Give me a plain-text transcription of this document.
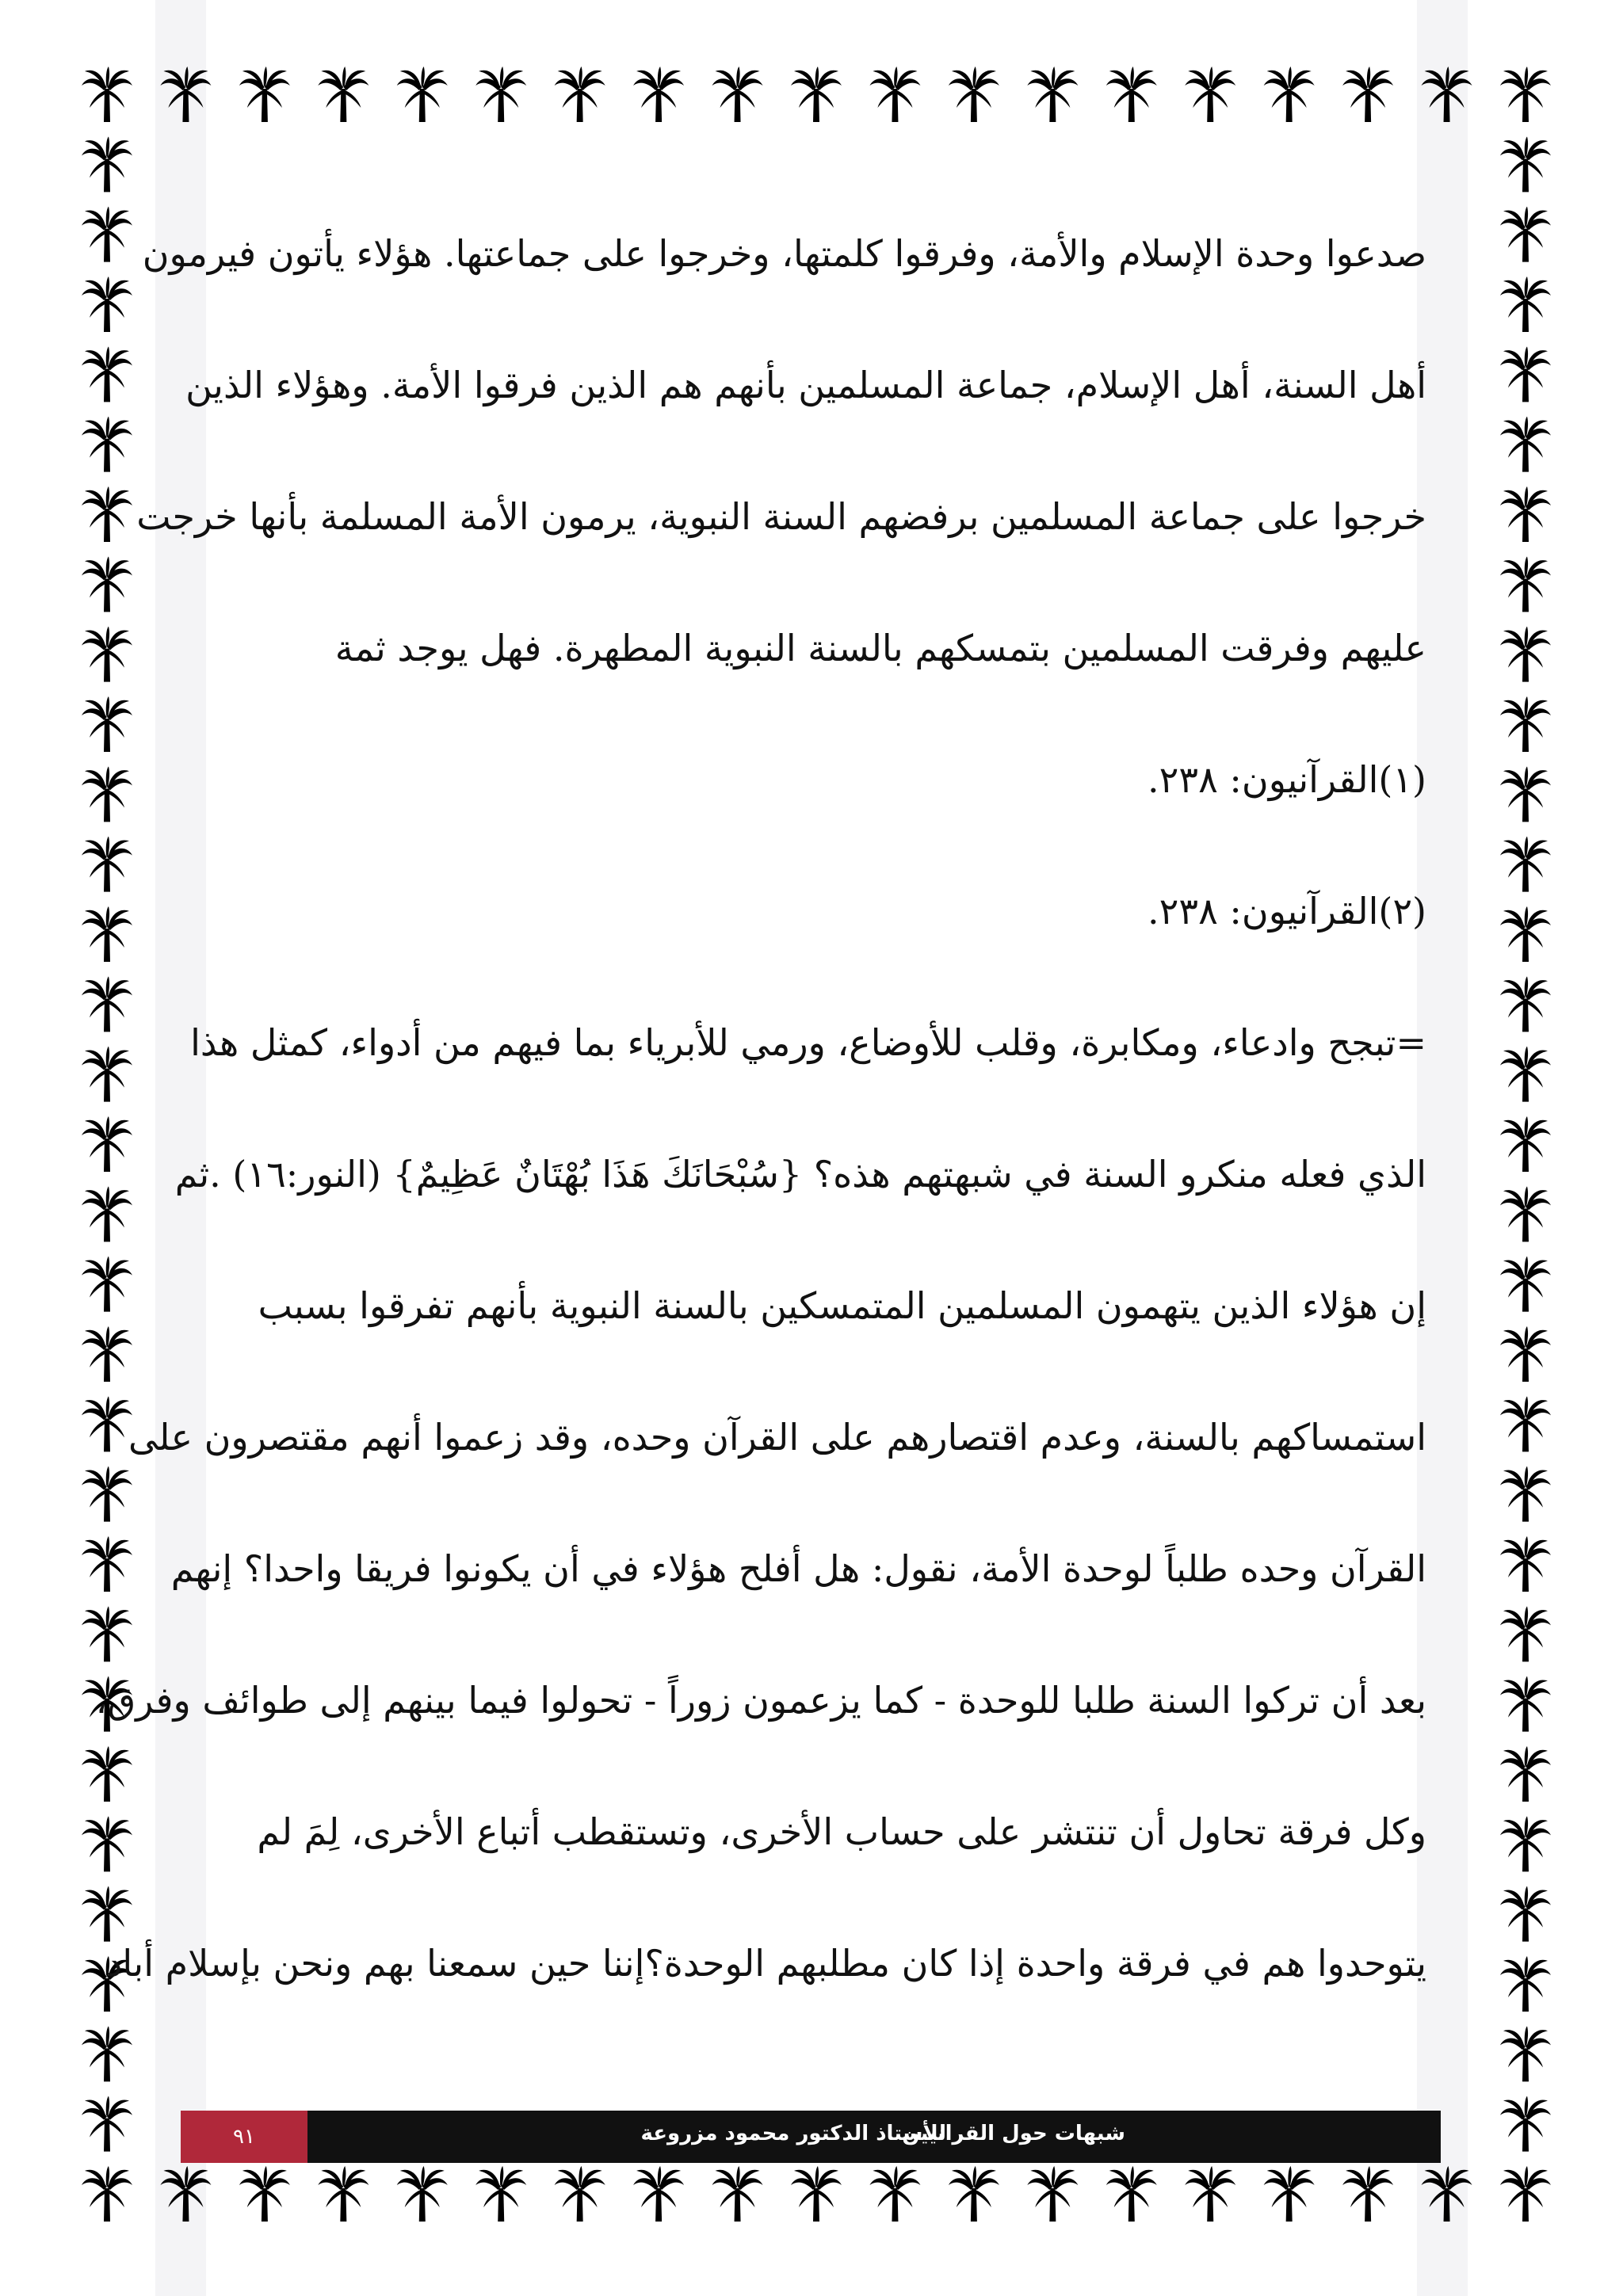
صدعوا وحدة الإسلام والأمة، وفرقوا كلمتها، وخرجوا على جماعتها. هؤلاء يأتون فيرمون
أهل السنة، أهل الإسلام، جماعة المسلمين بأنهم هم الذين فرقوا الأمة. وهؤلاء الذين
خرجوا على جماعة المسلمين برفضهم السنة النبوية، يرمون الأمة المسلمة بأنها خرجت
عليهم وفرقت المسلمين بتمسكهم بالسنة النبوية المطهرة. فهل يوجد ثمة
(١)القرآنيون: ٢٣٨.
(٢)القرآنيون: ٢٣٨.
=تبجح وادعاء، ومكابرة، وقلب للأوضاع، ورمي للأبرياء بما فيهم من أدواء، كمثل هذا
الذي فعله منكرو السنة في شبهتهم هذه؟ {سُبْحَانَكَ هَذَا بُهْتَانٌ عَظِيمٌ} (النور:١٦) .ثم
إن هؤلاء الذين يتهمون المسلمين المتمسكين بالسنة النبوية بأنهم تفرقوا بسبب
استمساكهم بالسنة، وعدم اقتصارهم على القرآن وحده، وقد زعموا أنهم مقتصرون على
القرآن وحده طلباً لوحدة الأمة، نقول: هل أفلح هؤلاء في أن يكونوا فريقا واحدا؟ إنهم
بعد أن تركوا السنة طلبا للوحدة - كما يزعمون زوراً - تحولوا فيما بينهم إلى طوائف وفرق،
وكل فرقة تحاول أن تنتشر على حساب الأخرى، وتستقطب أتباع الأخرى، لِمَ لم
يتوحدوا هم في فرقة واحدة إذا كان مطلبهم الوحدة؟إننا حين سمعنا بهم ونحن بإسلام أباد
شبهات حول القرانيين
للأستاذ الدكتور محمود مزروعة
٩١
